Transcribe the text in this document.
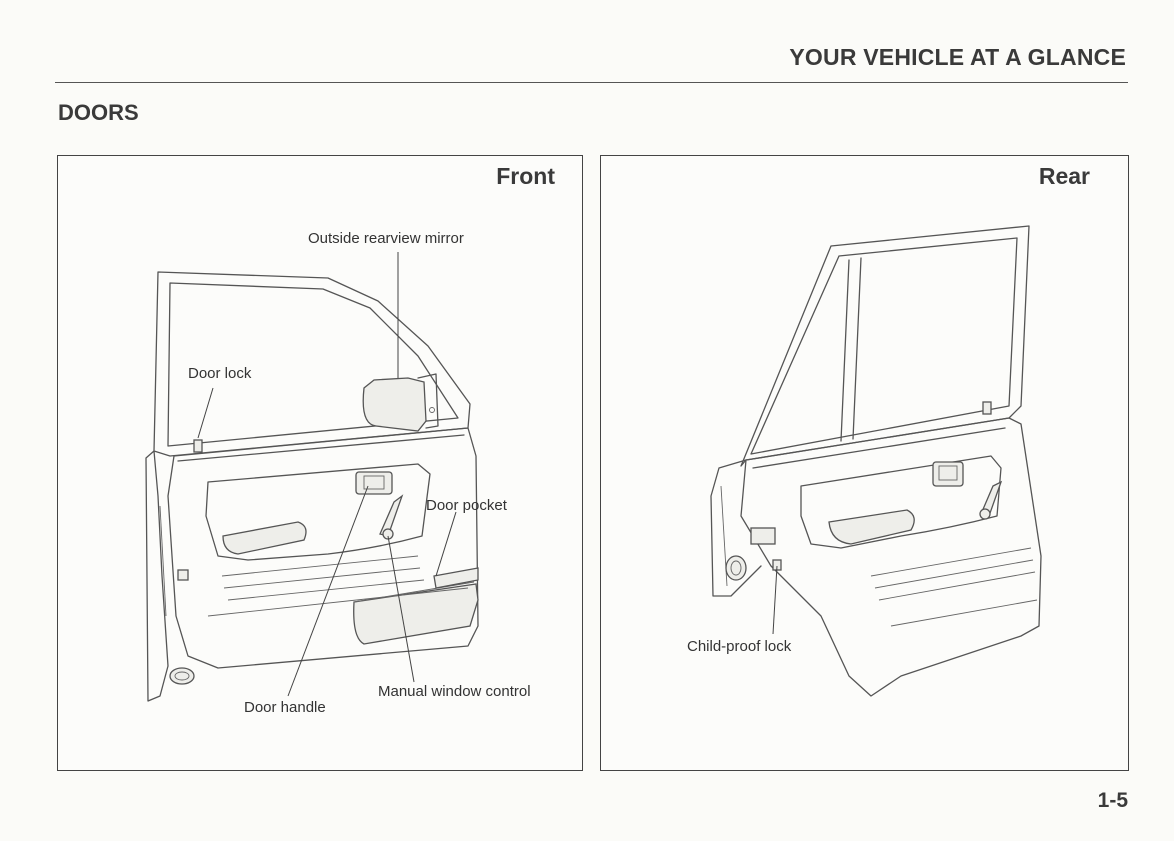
YOUR VEHICLE AT A GLANCE
DOORS
Front
Outside rearview mirror
Door lock
Door pocket
Manual window control
Door handle
Rear
Child-proof lock
1-5
